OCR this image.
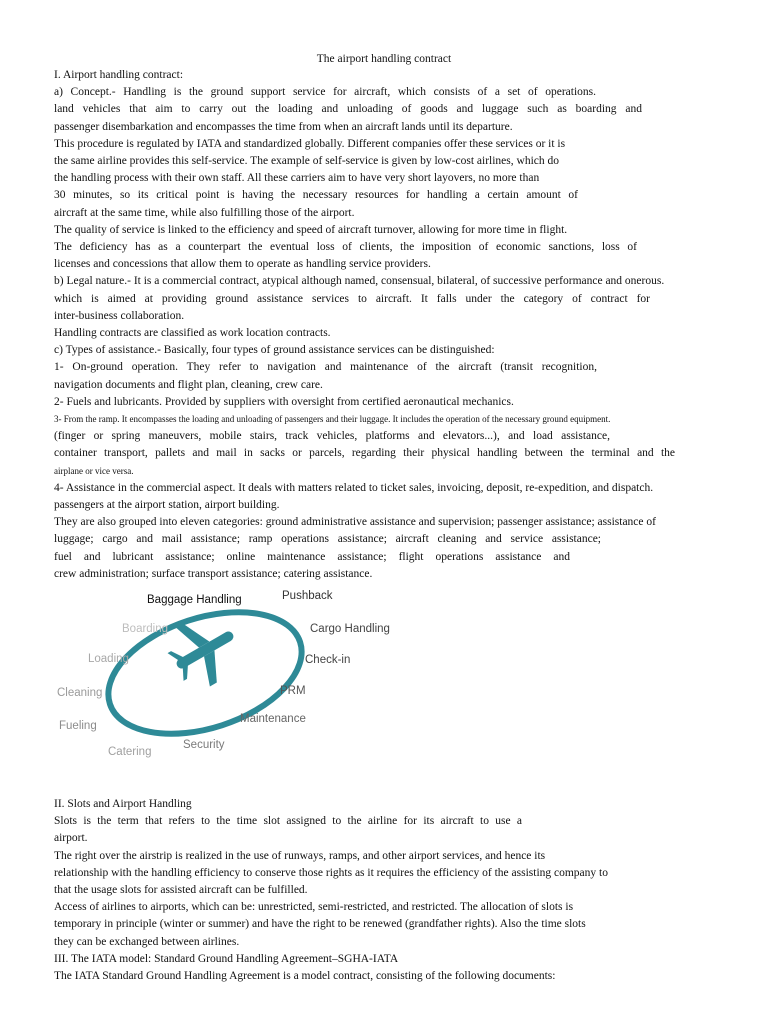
The airport handling contract
I. Airport handling contract:
a) Concept.- Handling is the ground support service for aircraft, which consists of a set of operations.
land vehicles that aim to carry out the loading and unloading of goods and luggage such as boarding and
passenger disembarkation and encompasses the time from when an aircraft lands until its departure.
This procedure is regulated by IATA and standardized globally. Different companies offer these services or it is
the same airline provides this self-service. The example of self-service is given by low-cost airlines, which do
the handling process with their own staff. All these carriers aim to have very short layovers, no more than
30 minutes, so its critical point is having the necessary resources for handling a certain amount of
aircraft at the same time, while also fulfilling those of the airport.
The quality of service is linked to the efficiency and speed of aircraft turnover, allowing for more time in flight.
The deficiency has as a counterpart the eventual loss of clients, the imposition of economic sanctions, loss of
licenses and concessions that allow them to operate as handling service providers.
b) Legal nature.- It is a commercial contract, atypical although named, consensual, bilateral, of successive performance and onerous.
which is aimed at providing ground assistance services to aircraft. It falls under the category of contract for
inter-business collaboration.
Handling contracts are classified as work location contracts.
c) Types of assistance.- Basically, four types of ground assistance services can be distinguished:
1- On-ground operation. They refer to navigation and maintenance of the aircraft (transit recognition,
navigation documents and flight plan, cleaning, crew care.
2- Fuels and lubricants. Provided by suppliers with oversight from certified aeronautical mechanics.
3- From the ramp. It encompasses the loading and unloading of passengers and their luggage. It includes the operation of the necessary ground equipment.
(finger or spring maneuvers, mobile stairs, track vehicles, platforms and elevators...), and load assistance,
container transport, pallets and mail in sacks or parcels, regarding their physical handling between the terminal and the
airplane or vice versa.
4- Assistance in the commercial aspect. It deals with matters related to ticket sales, invoicing, deposit, re-expedition, and dispatch.
passengers at the airport station, airport building.
They are also grouped into eleven categories: ground administrative assistance and supervision; passenger assistance; assistance of
luggage; cargo and mail assistance; ramp operations assistance; aircraft cleaning and service assistance;
fuel and lubricant assistance; online maintenance assistance; flight operations assistance and
crew administration; surface transport assistance; catering assistance.
Baggage Handling	Pushback
Boarding	Cargo Handling
Loading	Check-in
Cleaning	PRM
Fueling
Maintenance
Catering
Security
II. Slots and Airport Handling
Slots is the term that refers to the time slot assigned to the airline for its aircraft to use a
airport.
The right over the airstrip is realized in the use of runways, ramps, and other airport services, and hence its
relationship with the handling efficiency to conserve those rights as it requires the efficiency of the assisting company to
that the usage slots for assisted aircraft can be fulfilled.
Access of airlines to airports, which can be: unrestricted, semi-restricted, and restricted. The allocation of slots is
temporary in principle (winter or summer) and have the right to be renewed (grandfather rights). Also the time slots
they can be exchanged between airlines.
III. The IATA model: Standard Ground Handling Agreement–SGHA-IATA
The IATA Standard Ground Handling Agreement is a model contract, consisting of the following documents:
